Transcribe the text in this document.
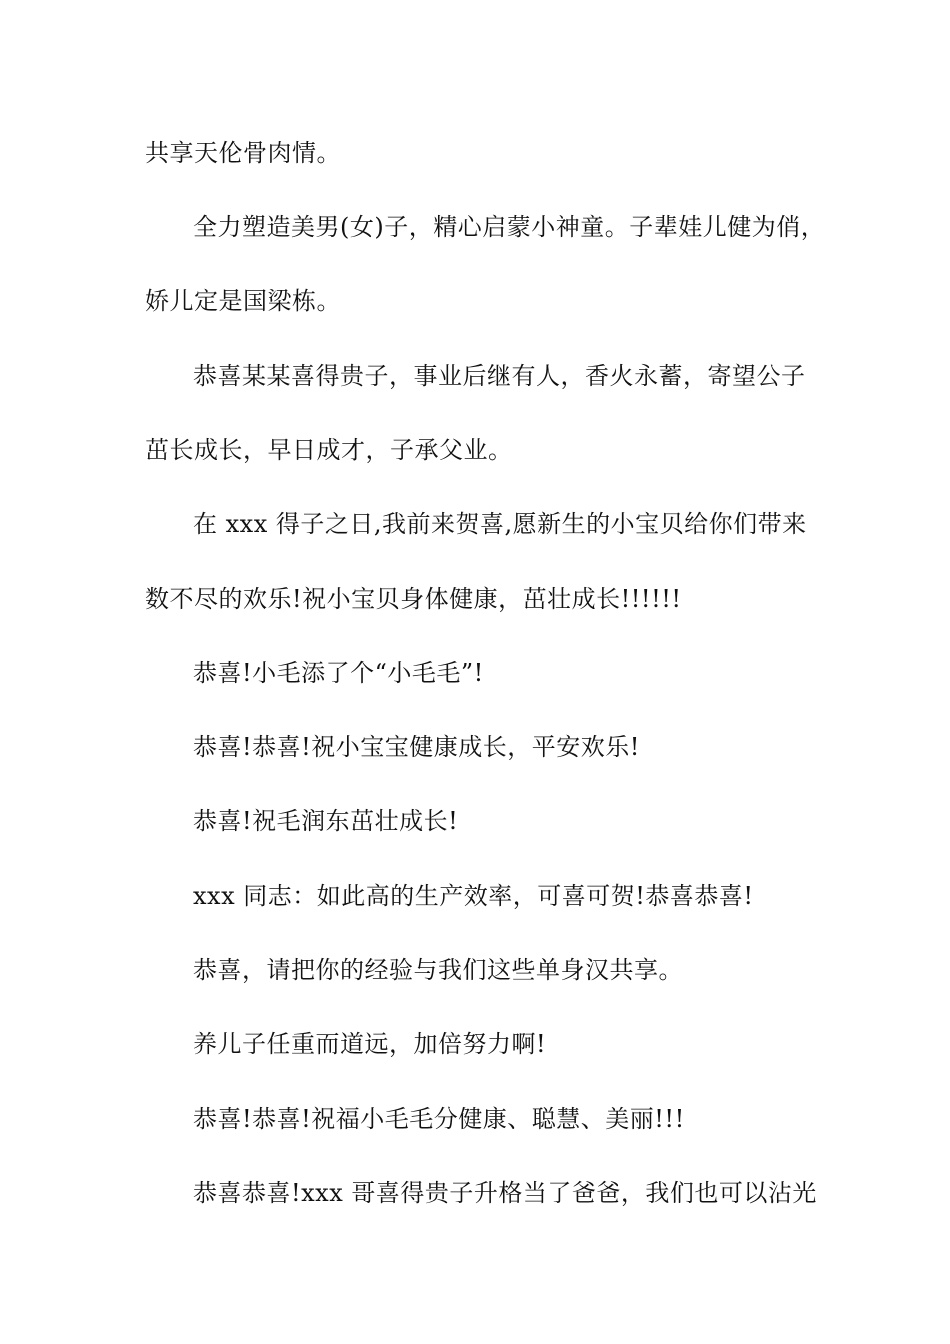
共享天伦骨肉情。
全力塑造美男(女)子，精心启蒙小神童。子辈娃儿健为俏，
娇儿定是国梁栋。
恭喜某某喜得贵子，事业后继有人，香火永蓄，寄望公子
茁长成长，早日成才，子承父业。
在 xxx 得子之日,我前来贺喜,愿新生的小宝贝给你们带来
数不尽的欢乐!祝小宝贝身体健康，茁壮成长!!!!!!
恭喜!小毛添了个“小毛毛”!
恭喜!恭喜!祝小宝宝健康成长，平安欢乐!
恭喜!祝毛润东茁壮成长!
xxx 同志：如此高的生产效率，可喜可贺!恭喜恭喜!
恭喜，请把你的经验与我们这些单身汉共享。
养儿子任重而道远，加倍努力啊!
恭喜!恭喜!祝福小毛毛分健康、聪慧、美丽!!!
恭喜恭喜!xxx 哥喜得贵子升格当了爸爸，我们也可以沾光
